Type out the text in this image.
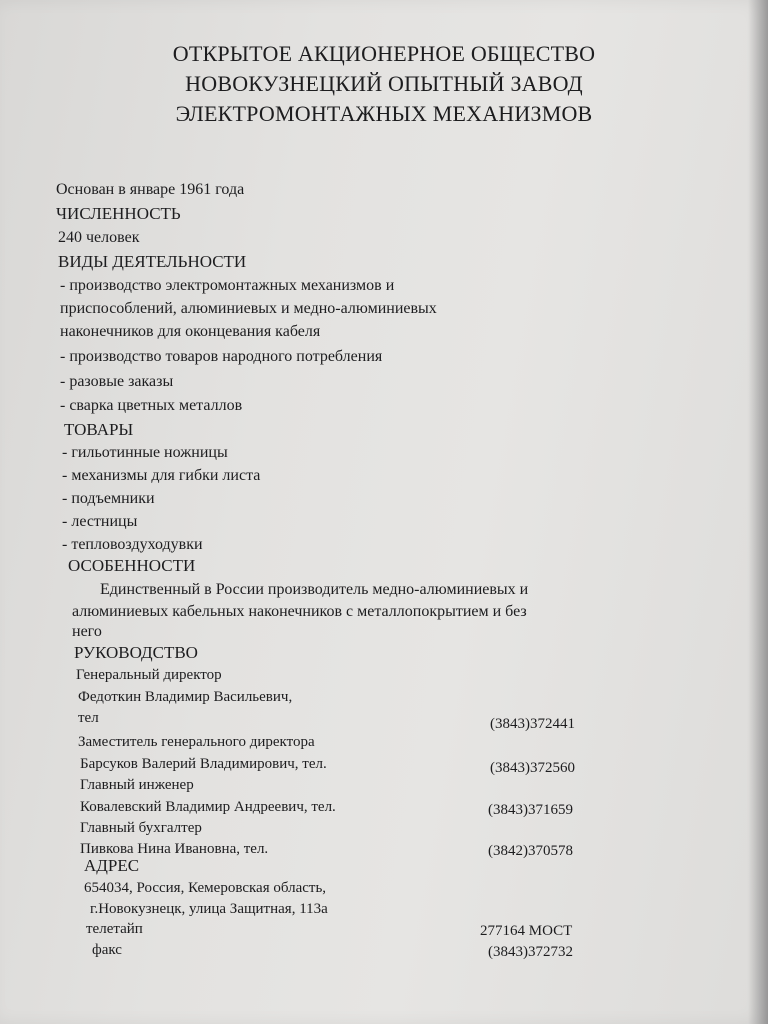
ОТКРЫТОЕ АКЦИОНЕРНОЕ ОБЩЕСТВО
НОВОКУЗНЕЦКИЙ ОПЫТНЫЙ ЗАВОД
ЭЛЕКТРОМОНТАЖНЫХ МЕХАНИЗМОВ
Основан в январе 1961 года
ЧИСЛЕННОСТЬ
240 человек
ВИДЫ ДЕЯТЕЛЬНОСТИ
- производство электромонтажных механизмов и
приспособлений, алюминиевых и медно-алюминиевых
наконечников для оконцевания кабеля
- производство товаров народного потребления
- разовые заказы
- сварка цветных металлов
ТОВАРЫ
- гильотинные ножницы
- механизмы для гибки листа
- подъемники
- лестницы
- тепловоздуходувки
ОСОБЕННОСТИ
Единственный в России производитель медно-алюминиевых и
алюминиевых кабельных наконечников с металлопокрытием и без
него
РУКОВОДСТВО
Генеральный директор
Федоткин Владимир Васильевич,
тел	(3843)372441
Заместитель генерального директора
Барсуков Валерий Владимирович, тел.	(3843)372560
Главный инженер
Ковалевский Владимир Андреевич, тел.	(3843)371659
Главный бухгалтер
Пивкова Нина Ивановна, тел.	(3842)370578
АДРЕС
654034, Россия, Кемеровская область,
г.Новокузнецк, улица Защитная, 113а
телетайп	277164 МОСТ
факс	(3843)372732
